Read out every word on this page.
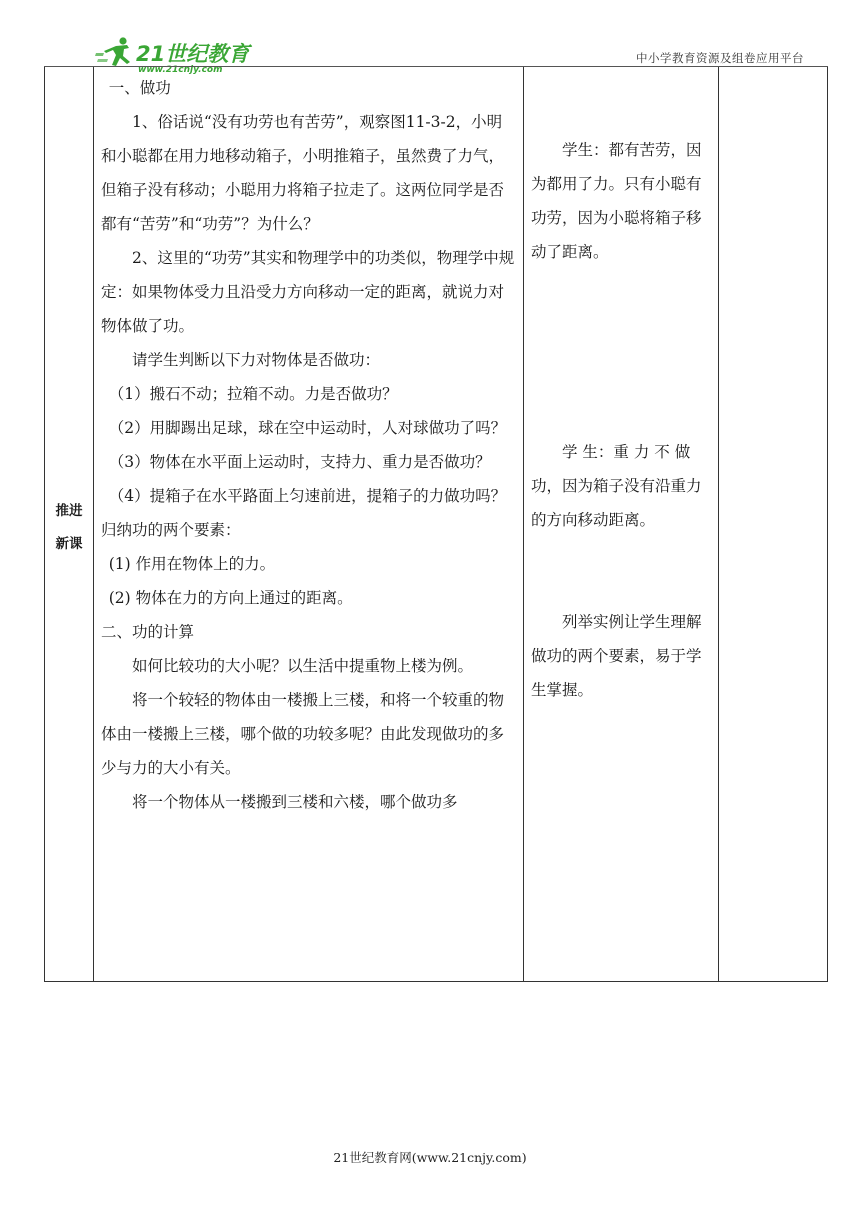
21世纪教育
www.21cnjy.com
中小学教育资源及组卷应用平台
推进新课

一、做功

1、俗话说“没有功劳也有苦劳”，观察图11-3-2，小明和小聪都在用力地移动箱子，小明推箱子，虽然费了力气，但箱子没有移动；小聪用力将箱子拉走了。这两位同学是否都有“苦劳”和“功劳”？为什么？

2、这里的“功劳”其实和物理学中的功类似，物理学中规定：如果物体受力且沿受力方向移动一定的距离，就说力对物体做了功。

请学生判断以下力对物体是否做功：

（1）搬石不动；拉箱不动。力是否做功？

（2）用脚踢出足球，球在空中运动时，人对球做功了吗？

（3）物体在水平面上运动时，支持力、重力是否做功？

（4）提箱子在水平路面上匀速前进，提箱子的力做功吗？

归纳功的两个要素：

(1) 作用在物体上的力。

(2) 物体在力的方向上通过的距离。

二、功的计算

如何比较功的大小呢？以生活中提重物上楼为例。

将一个较轻的物体由一楼搬上三楼，和将一个较重的物体由一楼搬上三楼，哪个做的功较多呢？由此发现做功的多少与力的大小有关。

将一个物体从一楼搬到三楼和六楼，哪个做功多

学生：都有苦劳，因为都用了力。只有小聪有功劳，因为小聪将箱子移动了距离。

学 生：重 力 不 做功，因为箱子没有沿重力的方向移动距离。

列举实例让学生理解做功的两个要素，易于学生掌握。

21世纪教育网(www.21cnjy.com)
